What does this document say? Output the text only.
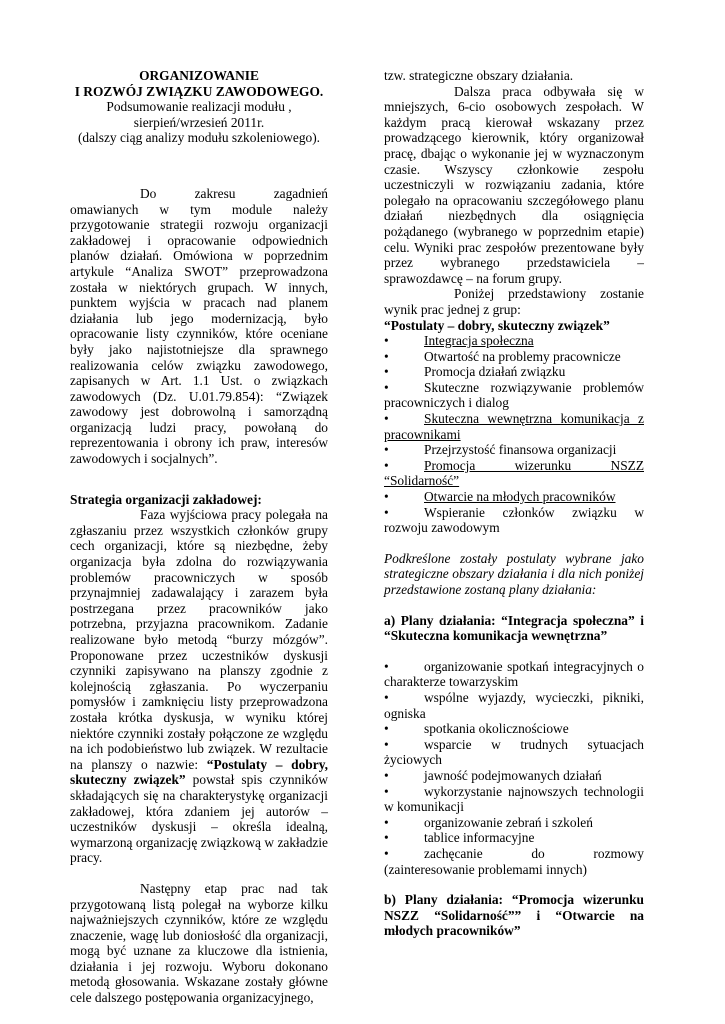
ORGANIZOWANIE

I ROZWÓJ ZWIĄZKU ZAWODOWEGO.

Podsumowanie realizacji modułu ,

sierpień/wrzesień 2011r.

(dalszy ciąg analizy modułu szkoleniowego).

Do zakresu zagadnień omawianych w tym module należy przygotowanie strategii rozwoju organizacji zakładowej i opracowanie odpowiednich planów działań. Omówiona w poprzednim artykule “Analiza SWOT” przeprowadzona została w niektórych grupach. W innych, punktem wyjścia w pracach nad planem działania lub jego modernizacją, było opracowanie listy czynników, które oceniane były jako najistotniejsze dla sprawnego realizowania celów związku zawodowego, zapisanych w Art. 1.1 Ust. o związkach zawodowych (Dz. U.01.79.854): “Związek zawodowy jest dobrowolną i samorządną organizacją ludzi pracy, powołaną do reprezentowania i obrony ich praw, interesów zawodowych i socjalnych”.

Strategia organizacji zakładowej:

Faza wyjściowa pracy polegała na zgłaszaniu przez wszystkich członków grupy cech organizacji, które są niezbędne, żeby organizacja była zdolna do rozwiązywania problemów pracowniczych w sposób przynajmniej zadawalający i zarazem była postrzegana przez pracowników jako potrzebna, przyjazna pracownikom. Zadanie realizowane było metodą “burzy mózgów”. Proponowane przez uczestników dyskusji czynniki zapisywano na planszy zgodnie z kolejnością zgłaszania. Po wyczerpaniu pomysłów i zamknięciu listy przeprowadzona została krótka dyskusja, w wyniku której niektóre czynniki zostały połączone ze względu na ich podobieństwo lub związek. W rezultacie na planszy o nazwie: “Postulaty – dobry, skuteczny związek” powstał spis czynników składających się na charakterystykę organizacji zakładowej, która zdaniem jej autorów – uczestników dyskusji – określa idealną, wymarzoną organizację związkową w zakładzie pracy.

Następny etap prac nad tak przygotowaną listą polegał na wyborze kilku najważniejszych czynników, które ze względu znaczenie, wagę lub doniosłość dla organizacji, mogą być uznane za kluczowe dla istnienia, działania i jej rozwoju. Wyboru dokonano metodą głosowania. Wskazane zostały główne cele dalszego postępowania organizacyjnego,

tzw. strategiczne obszary działania.

Dalsza praca odbywała się w mniejszych, 6-cio osobowych zespołach. W każdym pracą kierował wskazany przez prowadzącego kierownik, który organizował pracę, dbając o wykonanie jej w wyznaczonym czasie. Wszyscy członkowie zespołu uczestniczyli w rozwiązaniu zadania, które polegało na opracowaniu szczegółowego planu działań niezbędnych dla osiągnięcia pożądanego (wybranego w poprzednim etapie) celu. Wyniki prac zespołów prezentowane były przez wybranego przedstawiciela – sprawozdawcę – na forum grupy.

Poniżej przedstawiony zostanie wynik prac jednej z grup:

“Postulaty – dobry, skuteczny związek”

•	Integracja społeczna
•	Otwartość na problemy pracownicze
•	Promocja działań związku
•	Skuteczne rozwiązywanie problemów pracowniczych i dialog
•	Skuteczna wewnętrzna komunikacja z pracownikami
•	Przejrzystość finansowa organizacji
•	Promocja wizerunku NSZZ “Solidarność”
•	Otwarcie na młodych pracowników
•	Wspieranie członków związku w rozwoju zawodowym

Podkreślone zostały postulaty wybrane jako strategiczne obszary działania i dla nich poniżej przedstawione zostaną plany działania:

a) Plany działania: “Integracja społeczna” i “Skuteczna komunikacja wewnętrzna”

•	organizowanie spotkań integracyjnych o charakterze towarzyskim
•	wspólne wyjazdy, wycieczki, pikniki, ogniska
•	spotkania okolicznościowe
•	wsparcie w trudnych sytuacjach życiowych
•	jawność podejmowanych działań
•	wykorzystanie najnowszych technologii w komunikacji
•	organizowanie zebrań i szkoleń
•	tablice informacyjne
•	zachęcanie do rozmowy (zainteresowanie problemami innych)

b) Plany działania: “Promocja wizerunku NSZZ “Solidarność”” i “Otwarcie na młodych pracowników”
